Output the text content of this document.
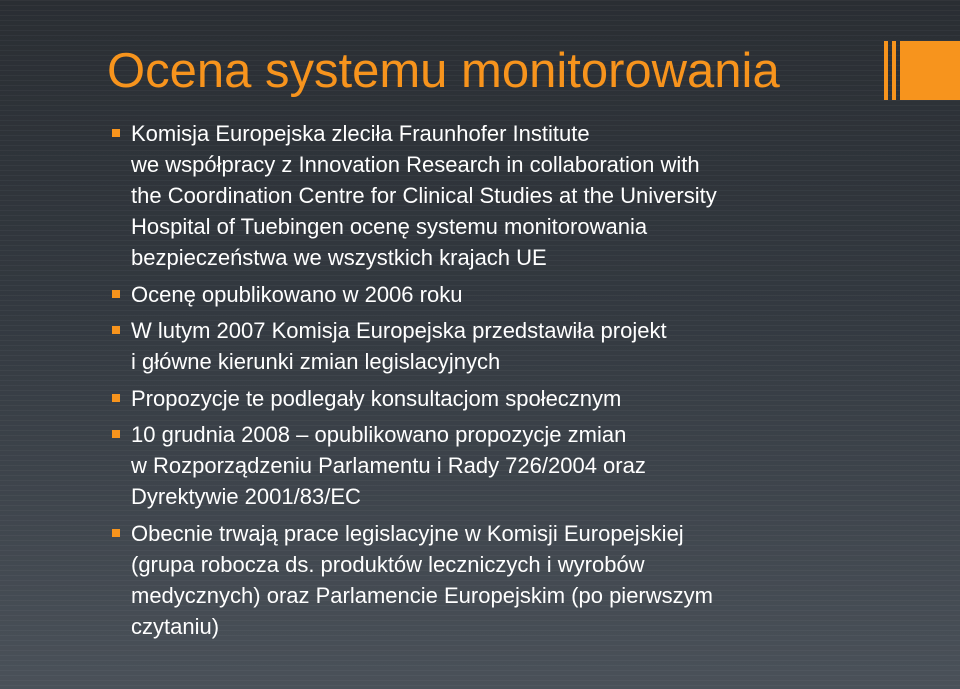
Ocena systemu monitorowania
Komisja Europejska zleciła Fraunhofer Institute
we współpracy z Innovation Research in collaboration with
the Coordination Centre for Clinical Studies at the University
Hospital of Tuebingen ocenę systemu monitorowania
bezpieczeństwa we wszystkich krajach UE
Ocenę opublikowano w 2006 roku
W lutym 2007 Komisja Europejska przedstawiła projekt
i główne kierunki zmian legislacyjnych
Propozycje te podlegały konsultacjom społecznym
10 grudnia 2008 – opublikowano propozycje zmian
w Rozporządzeniu Parlamentu i Rady 726/2004 oraz
Dyrektywie 2001/83/EC
Obecnie trwają prace legislacyjne w Komisji Europejskiej
(grupa robocza ds. produktów leczniczych i wyrobów
medycznych) oraz Parlamencie Europejskim (po pierwszym
czytaniu)
